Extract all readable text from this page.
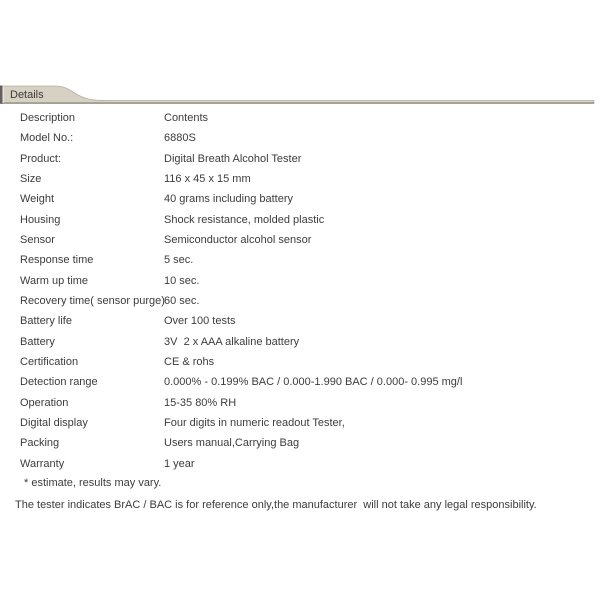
Details
Description	Contents
Model No.:	6880S
Product:	Digital Breath Alcohol Tester
Size	116 x 45 x 15 mm
Weight	40 grams including battery
Housing	Shock resistance, molded plastic
Sensor	Semiconductor alcohol sensor
Response time	5 sec.
Warm up time	10 sec.
Recovery time( sensor purge) 60 sec.
Battery life	Over 100 tests
Battery	3V  2 x AAA alkaline battery
Certification	CE & rohs
Detection range	0.000% - 0.199% BAC / 0.000-1.990 BAC / 0.000- 0.995 mg/l
Operation	15-35 80% RH
Digital display	Four digits in numeric readout Tester,
Packing	Users manual,Carrying Bag
Warranty	1 year
* estimate, results may vary.
The tester indicates BrAC / BAC is for reference only,the manufacturer  will not take any legal responsibility.
